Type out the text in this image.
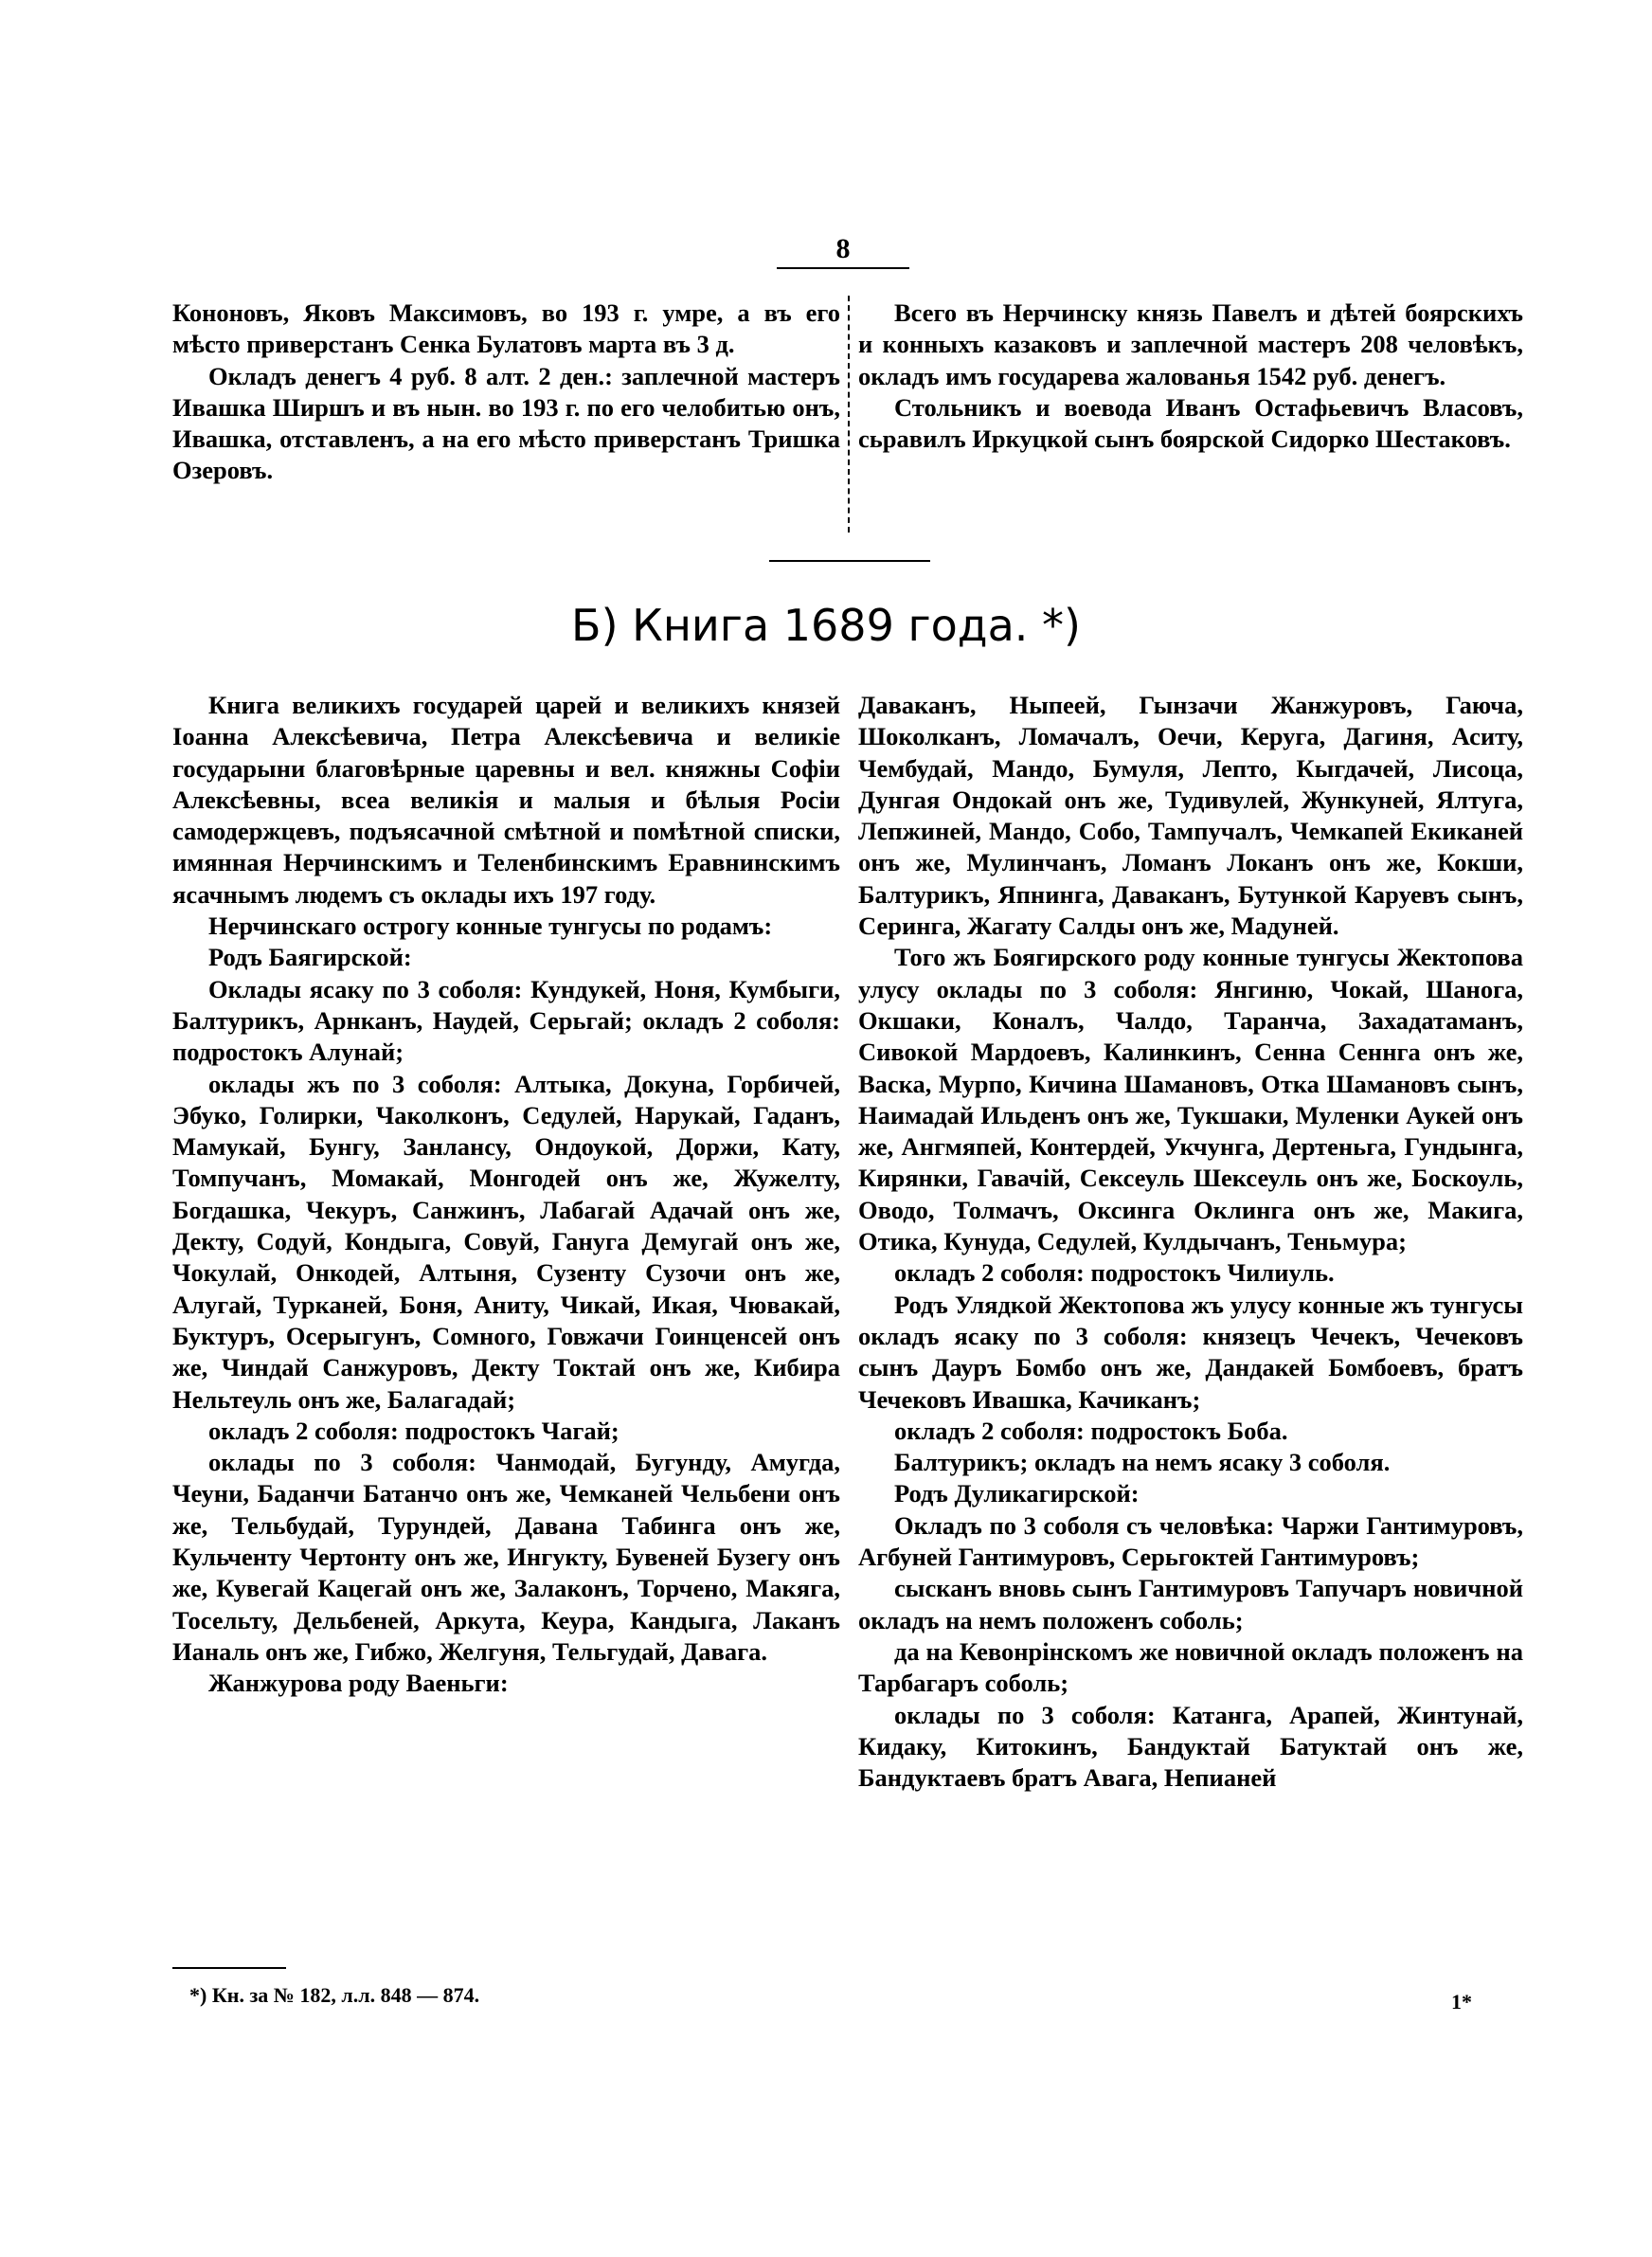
8

Кононовъ, Яковъ Максимовъ, во 193 г. умре, а въ его мѣсто приверстанъ Сенка Булатовъ марта въ 3 д.

Окладъ денегъ 4 руб. 8 алт. 2 ден.: заплечной мастеръ Ивашка Ширшъ и въ нын. во 193 г. по его челобитью онъ, Ивашка, отставленъ, а на его мѣсто приверстанъ Тришка Озеровъ.

Всего въ Нерчинску князь Павелъ и дѣтей боярскихъ и конныхъ казаковъ и заплечной мастеръ 208 человѣкъ, окладъ имъ государева жалованья 1542 руб. денегъ.

Стольникъ и воевода Иванъ Остафьевичъ Власовъ, сьравилъ Иркуцкой сынъ боярской Сидорко Шестаковъ.

Б) Книга 1689 года. *)

Книга великихъ государей царей и великихъ князей Іоанна Алексѣевича, Петра Алексѣевича и великіе государыни благовѣрные царевны и вел. княжны Софіи Алексѣевны, всеа великія и малыя и бѣлыя Росіи самодержцевъ, подъясачной смѣтной и помѣтной списки, имянная Нерчинскимъ и Теленбинскимъ Еравнинскимъ ясачнымъ людемъ съ оклады ихъ 197 году.

Нерчинскаго острогу конные тунгусы по родамъ:

Родъ Баягирской:

Оклады ясаку по 3 соболя: Кундукей, Ноня, Кумбыги, Балтурикъ, Арнканъ, Наудей, Серьгай; окладъ 2 соболя: подростокъ Алунай;

оклады жъ по 3 соболя: Алтыка, Докуна, Горбичей, Эбуко, Голирки, Чаколконъ, Седулей, Нарукай, Гаданъ, Мамукай, Бунгу, Занлансу, Ондоукой, Доржи, Кату, Томпучанъ, Момакай, Монгодей онъ же, Жужелту, Богдашка, Чекуръ, Санжинъ, Лабагай Адачай онъ же, Декту, Содуй, Кондыга, Совуй, Гануга Демугай онъ же, Чокулай, Онкодей, Алтыня, Сузенту Сузочи онъ же, Алугай, Турканей, Боня, Аниту, Чикай, Икая, Чювакай, Буктуръ, Осерыгунъ, Сомного, Говжачи Гоинценсей онъ же, Чиндай Санжуровъ, Декту Токтай онъ же, Кибира Нельтеуль онъ же, Балагадай;

окладъ 2 соболя: подростокъ Чагай;

оклады по 3 соболя: Чанмодай, Бугунду, Амугда, Чеуни, Баданчи Батанчо онъ же, Чемканей Чельбени онъ же, Тельбудай, Турундей, Давана Табинга онъ же, Кульченту Чертонту онъ же, Ингукту, Бувеней Бузегу онъ же, Кувегай Кацегай онъ же, Залаконъ, Торчено, Макяга, Тосельту, Дельбеней, Аркута, Кеура, Кандыга, Лаканъ Ианаль онъ же, Гибжо, Желгуня, Тельгудай, Давага.

Жанжурова роду Ваеньги:

Даваканъ, Ныпеей, Гынзачи Жанжуровъ, Гаюча, Шоколканъ, Ломачалъ, Оечи, Керуга, Дагиня, Аситу, Чембудай, Мандо, Бумуля, Лепто, Кыгдачей, Лисоца, Дунгая Ондокай онъ же, Тудивулей, Жункуней, Ялтуга, Лепжиней, Мандо, Собо, Тампучалъ, Чемкапей Екиканей онъ же, Мулинчанъ, Ломанъ Локанъ онъ же, Кокши, Балтурикъ, Япнинга, Даваканъ, Бутункой Каруевъ сынъ, Серинга, Жагату Салды онъ же, Мадуней.

Того жъ Боягирского роду конные тунгусы Жектопова улусу оклады по 3 соболя: Янгиню, Чокай, Шанога, Окшаки, Коналъ, Чалдо, Таранча, Захадатаманъ, Сивокой Мардоевъ, Калинкинъ, Сенна Сеннга онъ же, Васка, Мурпо, Кичина Шамановъ, Отка Шамановъ сынъ, Наимадай Ильденъ онъ же, Тукшаки, Муленки Аукей онъ же, Ангмяпей, Контердей, Укчунга, Дертеньга, Гундынга, Кирянки, Гавачій, Сексеуль Шексеуль онъ же, Боскоуль, Оводо, Толмачъ, Оксинга Оклинга онъ же, Макига, Отика, Кунуда, Седулей, Кулдычанъ, Теньмура;

окладъ 2 соболя: подростокъ Чилиуль.

Родъ Улядкой Жектопова жъ улусу конные жъ тунгусы окладъ ясаку по 3 соболя: князецъ Чечекъ, Чечековъ сынъ Дауръ Бомбо онъ же, Дандакей Бомбоевъ, братъ Чечековъ Ивашка, Качиканъ;

окладъ 2 соболя: подростокъ Боба.

Балтурикъ; окладъ на немъ ясаку 3 соболя.

Родъ Дуликагирской:

Окладъ по 3 соболя съ человѣка: Чаржи Гантимуровъ, Агбуней Гантимуровъ, Серьгоктей Гантимуровъ;

сысканъ вновь сынъ Гантимуровъ Тапучаръ новичной окладъ на немъ положенъ соболь;

да на Кевонрінскомъ же новичной окладъ положенъ на Тарбагаръ соболь;

оклады по 3 соболя: Катанга, Арапей, Жинтунай, Кидаку, Китокинъ, Бандуктай Батуктай онъ же, Бандуктаевъ братъ Авага, Непианей

*) Кн. за № 182, л.л. 848 — 874.	1*
